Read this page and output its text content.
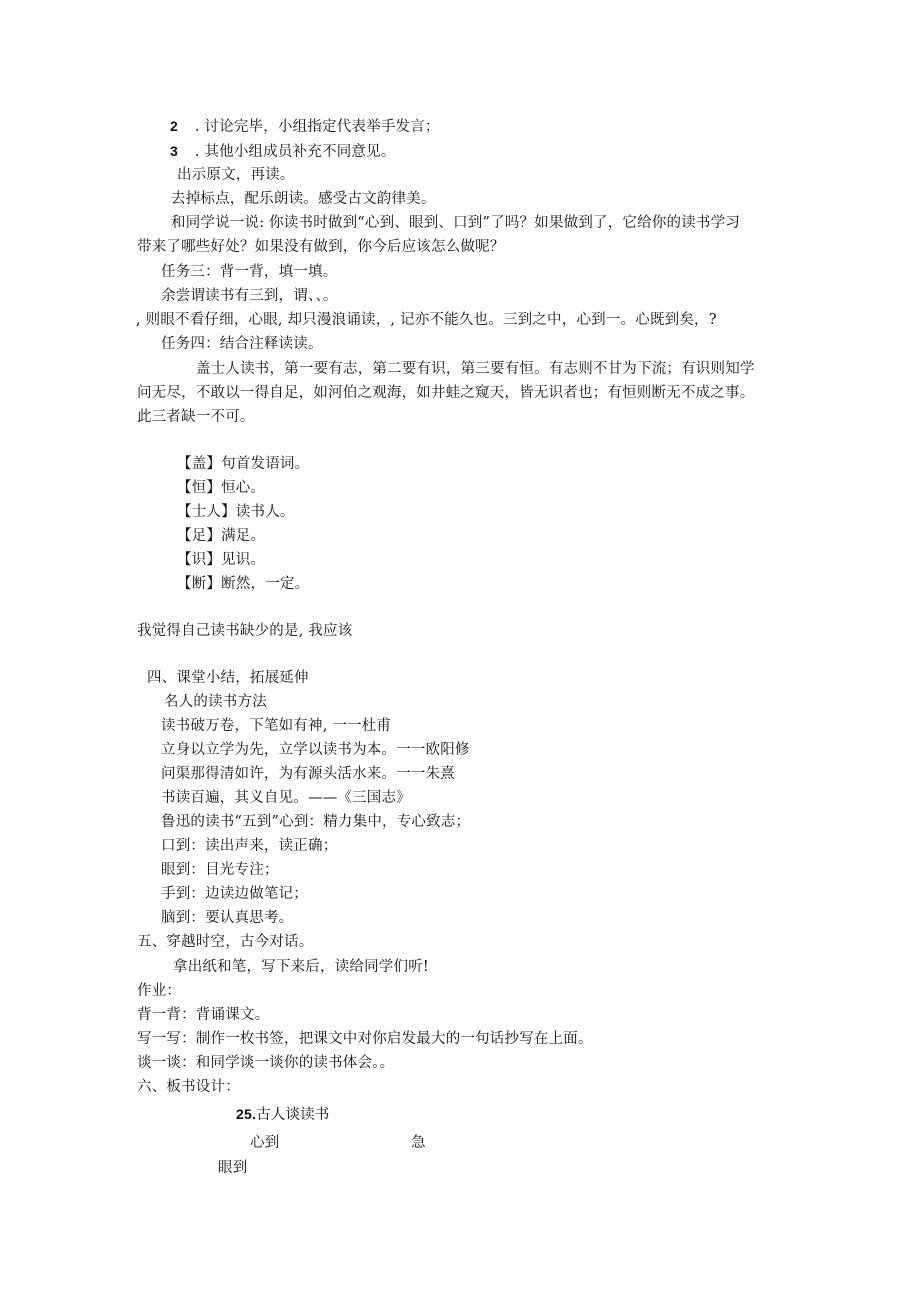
2 . 讨论完毕，小组指定代表举手发言；
3 . 其他小组成员补充不同意见。
出示原文，再读。
去掉标点，配乐朗读。感受古文韵律美。
和同学说一说: 你读书时做到“心到、眼到、口到”了吗？如果做到了，它给你的读书学习
带来了哪些好处？如果没有做到，你今后应该怎么做呢？
任务三：背一背，填一填。
余尝谓读书有三到，谓、、。
, 则眼不看仔细，心眼, 却只漫浪诵读，, 记亦不能久也。三到之中，心到一。心既到矣，?
任务四：结合注释读读。
盖士人读书，第一要有志，第二要有识，第三要有恒。有志则不甘为下流；有识则知学
问无尽，不敢以一得自足，如河伯之观海，如井蛙之窥天，皆无识者也；有恒则断无不成之事。
此三者缺一不可。
【盖】句首发语词。
【恒】恒心。
【士人】读书人。
【足】满足。
【识】见识。
【断】断然，一定。
我觉得自己读书缺少的是, 我应该
四、课堂小结，拓展延伸
名人的读书方法
读书破万卷，下笔如有神, 一一杜甫
立身以立学为先，立学以读书为本。一一欧阳修
问渠那得清如许，为有源头活水来。一一朱熹
书读百遍，其义自见。——《三国志》
鲁迅的读书“五到”心到：精力集中，专心致志；
口到：读出声来，读正确；
眼到：目光专注；
手到：边读边做笔记；
脑到：要认真思考。
五、穿越时空，古今对话。
拿出纸和笔，写下来后，读给同学们听!
作业：
背一背：背诵课文。
写一写：制作一枚书签，把课文中对你启发最大的一句话抄写在上面。
谈一谈：和同学谈一谈你的读书体会。。
六、板书设计：
25.古人谈读书
心到	急
眼到
